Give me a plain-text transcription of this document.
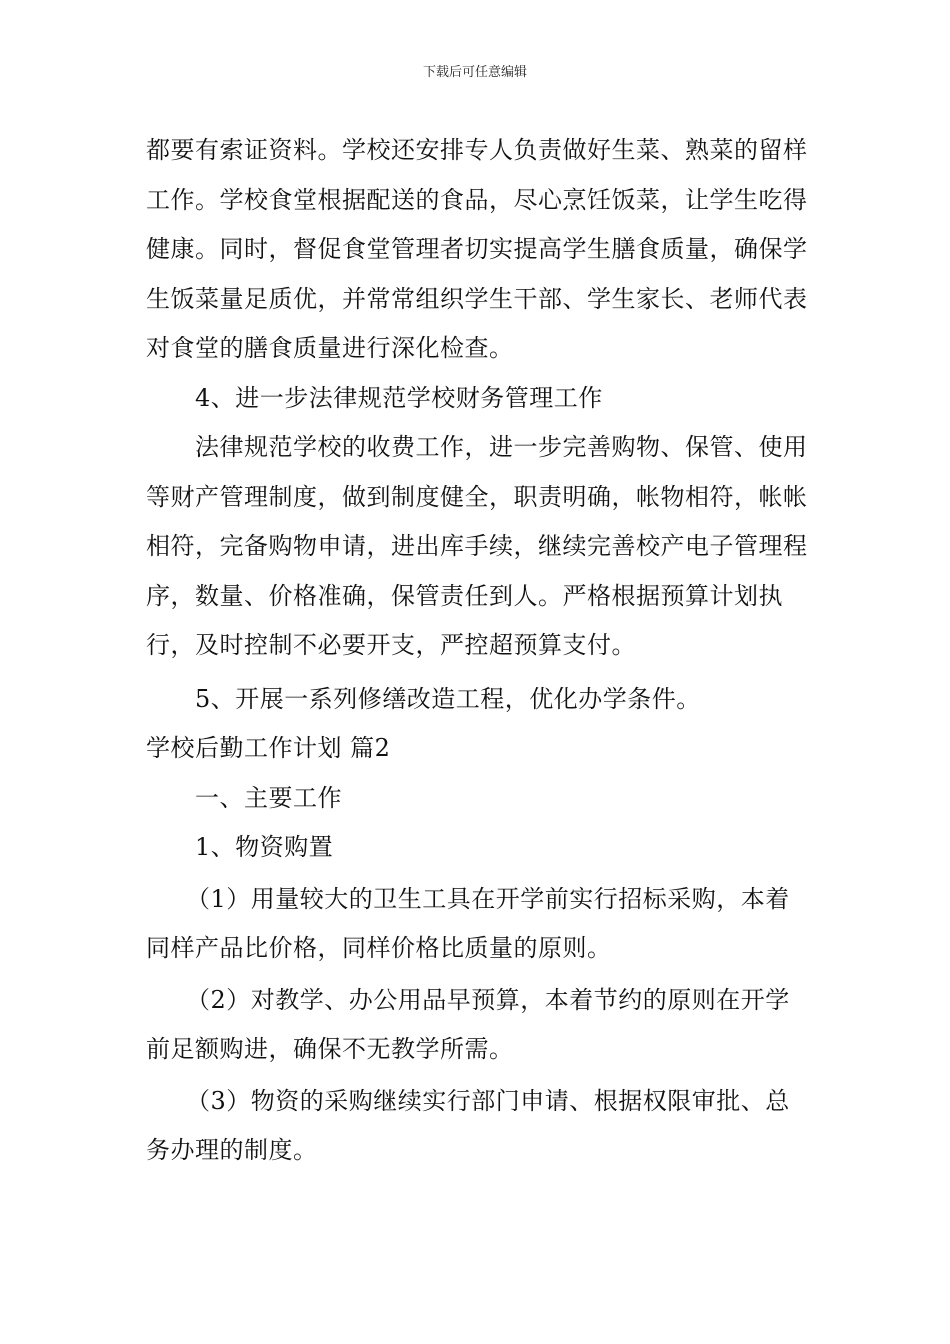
下载后可任意编辑

都要有索证资料。学校还安排专人负责做好生菜、熟菜的留样工作。学校食堂根据配送的食品，尽心烹饪饭菜，让学生吃得健康。同时，督促食堂管理者切实提高学生膳食质量，确保学生饭菜量足质优，并常常组织学生干部、学生家长、老师代表对食堂的膳食质量进行深化检查。

4、进一步法律规范学校财务管理工作

法律规范学校的收费工作，进一步完善购物、保管、使用等财产管理制度，做到制度健全，职责明确，帐物相符，帐帐相符，完备购物申请，进出库手续，继续完善校产电子管理程序，数量、价格准确，保管责任到人。严格根据预算计划执行，及时控制不必要开支，严控超预算支付。

5、开展一系列修缮改造工程，优化办学条件。

学校后勤工作计划 篇2

一、主要工作

1、物资购置

（1）用量较大的卫生工具在开学前实行招标采购，本着同样产品比价格，同样价格比质量的原则。

（2）对教学、办公用品早预算，本着节约的原则在开学前足额购进，确保不无教学所需。

（3）物资的采购继续实行部门申请、根据权限审批、总务办理的制度。
